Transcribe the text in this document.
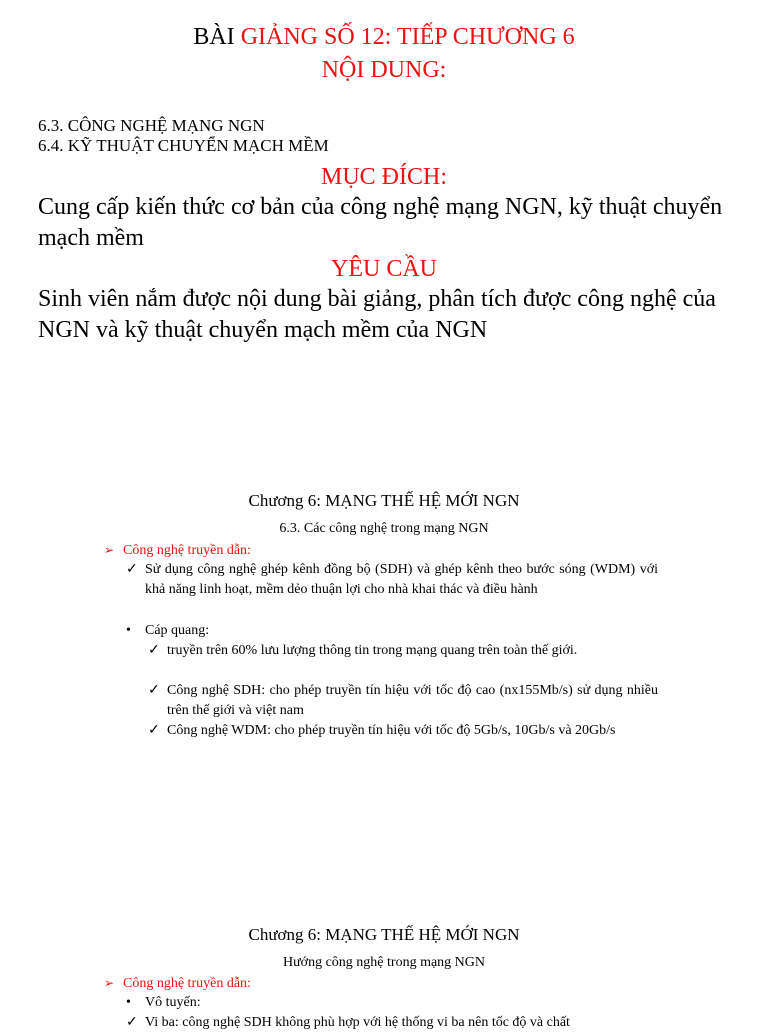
BÀI GIẢNG SỐ 12: TIẾP CHƯƠNG 6
NỘI DUNG:
6.3. CÔNG NGHỆ MẠNG NGN
6.4. KỸ THUẬT CHUYỂN MẠCH MỀM
MỤC ĐÍCH:
Cung cấp kiến thức cơ bản của công nghệ mạng NGN, kỹ thuật chuyển mạch mềm
YÊU CẦU
Sinh viên nắm được nội dung bài giảng, phân tích được công nghệ của NGN và kỹ thuật chuyển mạch mềm của NGN
Chương 6: MẠNG THẾ HỆ MỚI NGN
6.3. Các công nghệ trong mạng NGN
➢ Công nghệ truyền dẫn:
✓ Sử dụng công nghệ ghép kênh đồng bộ (SDH) và ghép kênh theo bước sóng (WDM) với khả năng linh hoạt, mềm dẻo thuận lợi cho nhà khai thác và điều hành
• Cáp quang:
✓ truyền trên 60% lưu lượng thông tin trong mạng quang trên toàn thế giới.
✓ Công nghệ SDH: cho phép truyền tín hiệu với tốc độ cao (nx155Mb/s) sử dụng nhiều trên thế giới và việt nam
✓ Công nghệ WDM: cho phép truyền tín hiệu với tốc độ 5Gb/s, 10Gb/s và 20Gb/s
Chương 6: MẠNG THẾ HỆ MỚI NGN
Hướng công nghệ trong mạng NGN
➢ Công nghệ truyền dẫn:
• Vô tuyến:
✓ Vi ba: công nghệ SDH không phù hợp với hệ thống vi ba nên tốc độ và chất
